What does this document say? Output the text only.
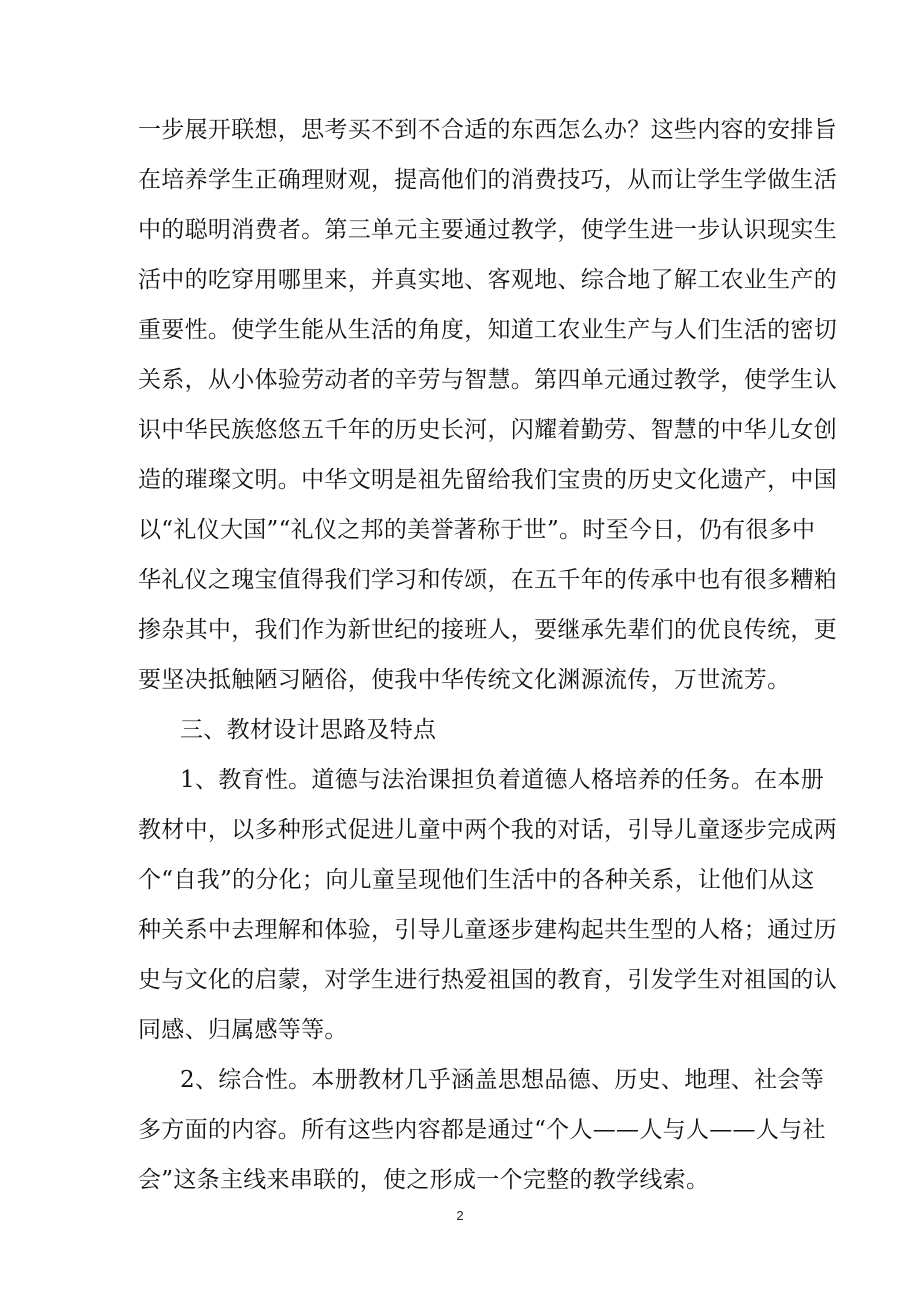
一步展开联想，思考买不到不合适的东西怎么办？这些内容的安排旨
在培养学生正确理财观，提高他们的消费技巧，从而让学生学做生活
中的聪明消费者。第三单元主要通过教学，使学生进一步认识现实生
活中的吃穿用哪里来，并真实地、客观地、综合地了解工农业生产的
重要性。使学生能从生活的角度，知道工农业生产与人们生活的密切
关系，从小体验劳动者的辛劳与智慧。第四单元通过教学，使学生认
识中华民族悠悠五千年的历史长河，闪耀着勤劳、智慧的中华儿女创
造的璀璨文明。中华文明是祖先留给我们宝贵的历史文化遗产，中国
以“礼仪大国”“礼仪之邦的美誉著称于世”。时至今日，仍有很多中
华礼仪之瑰宝值得我们学习和传颂，在五千年的传承中也有很多糟粕
掺杂其中，我们作为新世纪的接班人，要继承先辈们的优良传统，更
要坚决抵触陋习陋俗，使我中华传统文化渊源流传，万世流芳。
三、教材设计思路及特点
1、教育性。道德与法治课担负着道德人格培养的任务。在本册
教材中，以多种形式促进儿童中两个我的对话，引导儿童逐步完成两
个“自我”的分化；向儿童呈现他们生活中的各种关系，让他们从这
种关系中去理解和体验，引导儿童逐步建构起共生型的人格；通过历
史与文化的启蒙，对学生进行热爱祖国的教育，引发学生对祖国的认
同感、归属感等等。
2、综合性。本册教材几乎涵盖思想品德、历史、地理、社会等
多方面的内容。所有这些内容都是通过“个人——人与人——人与社
会”这条主线来串联的，使之形成一个完整的教学线索。
2
